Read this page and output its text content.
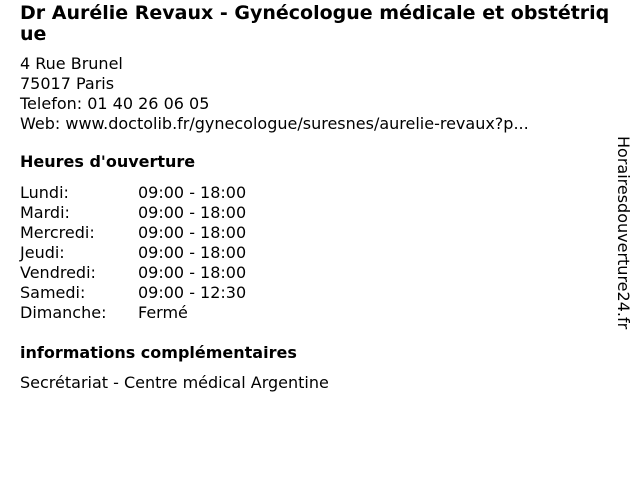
Dr Aurélie Revaux - Gynécologue médicale et obstétrique
4 Rue Brunel
75017 Paris
Telefon: 01 40 26 06 05
Web: www.doctolib.fr/gynecologue/suresnes/aurelie-revaux?p...
Heures d'ouverture
Lundi:	09:00 - 18:00
Mardi:	09:00 - 18:00
Mercredi:	09:00 - 18:00
Jeudi:	09:00 - 18:00
Vendredi:	09:00 - 18:00
Samedi:	09:00 - 12:30
Dimanche:	Fermé
informations complémentaires
Secrétariat - Centre médical Argentine
Horairesdouverture24.fr
